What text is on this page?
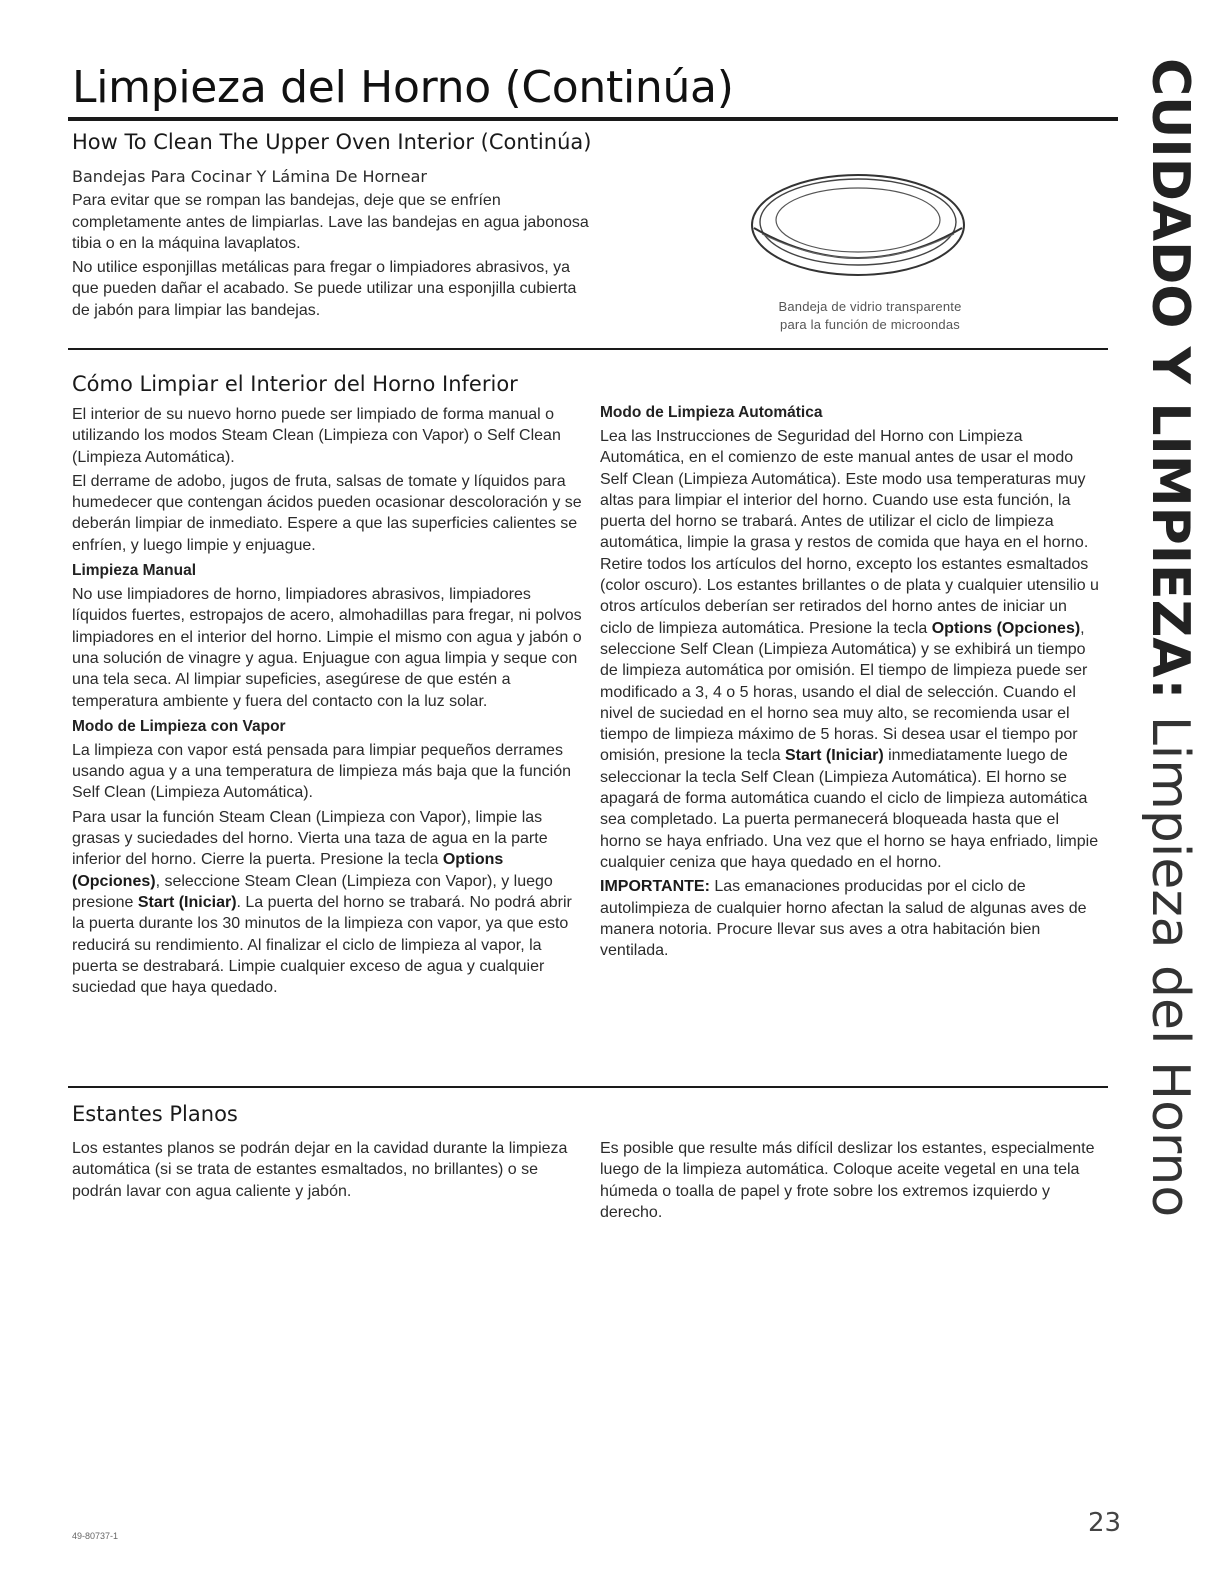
Limpieza del Horno (Continúa)	CUIDADO Y LIMPIEZA: Limpieza del Horno
How To Clean The Upper Oven Interior (Continúa)

Bandejas Para Cocinar Y Lámina De Hornear

Para evitar que se rompan las bandejas, deje que se enfríen completamente antes de limpiarlas. Lave las bandejas en agua jabonosa tibia o en la máquina lavaplatos.

No utilice esponjillas metálicas para fregar o limpiadores abrasivos, ya que pueden dañar el acabado. Se puede utilizar una esponjilla cubierta de jabón para limpiar las bandejas.	Bandeja de vidrio transparente
para la función de microondas
Cómo Limpiar el Interior del Horno Inferior

El interior de su nuevo horno puede ser limpiado de forma manual o utilizando los modos Steam Clean (Limpieza con Vapor) o Self Clean (Limpieza Automática).

El derrame de adobo, jugos de fruta, salsas de tomate y líquidos para humedecer que contengan ácidos pueden ocasionar descoloración y se deberán limpiar de inmediato. Espere a que las superficies calientes se enfríen, y luego limpie y enjuague.

Limpieza Manual

No use limpiadores de horno, limpiadores abrasivos, limpiadores líquidos fuertes, estropajos de acero, almohadillas para fregar, ni polvos limpiadores en el interior del horno. Limpie el mismo con agua y jabón o una solución de vinagre y agua. Enjuague con agua limpia y seque con una tela seca. Al limpiar supeficies, asegúrese de que estén a temperatura ambiente y fuera del contacto con la luz solar.

Modo de Limpieza con Vapor

La limpieza con vapor está pensada para limpiar pequeños derrames usando agua y a una temperatura de limpieza más baja que la función Self Clean (Limpieza Automática).

Para usar la función Steam Clean (Limpieza con Vapor), limpie las grasas y suciedades del horno. Vierta una taza de agua en la parte inferior del horno. Cierre la puerta. Presione la tecla Options (Opciones), seleccione Steam Clean (Limpieza con Vapor), y luego presione Start (Iniciar). La puerta del horno se trabará. No podrá abrir la puerta durante los 30 minutos de la limpieza con vapor, ya que esto reducirá su rendimiento. Al finalizar el ciclo de limpieza al vapor, la puerta se destrabará. Limpie cualquier exceso de agua y cualquier suciedad que haya quedado.

Modo de Limpieza Automática

Lea las Instrucciones de Seguridad del Horno con Limpieza Automática, en el comienzo de este manual antes de usar el modo Self Clean (Limpieza Automática). Este modo usa temperaturas muy altas para limpiar el interior del horno. Cuando use esta función, la puerta del horno se trabará. Antes de utilizar el ciclo de limpieza automática, limpie la grasa y restos de comida que haya en el horno. Retire todos los artículos del horno, excepto los estantes esmaltados (color oscuro). Los estantes brillantes o de plata y cualquier utensilio u otros artículos deberían ser retirados del horno antes de iniciar un ciclo de limpieza automática. Presione la tecla Options (Opciones), seleccione Self Clean (Limpieza Automática) y se exhibirá un tiempo de limpieza automática por omisión. El tiempo de limpieza puede ser modificado a 3, 4 o 5 horas, usando el dial de selección. Cuando el nivel de suciedad en el horno sea muy alto, se recomienda usar el tiempo de limpieza máximo de 5 horas. Si desea usar el tiempo por omisión, presione la tecla Start (Iniciar) inmediatamente luego de seleccionar la tecla Self Clean (Limpieza Automática). El horno se apagará de forma automática cuando el ciclo de limpieza automática sea completado. La puerta permanecerá bloqueada hasta que el horno se haya enfriado. Una vez que el horno se haya enfriado, limpie cualquier ceniza que haya quedado en el horno.

IMPORTANTE: Las emanaciones producidas por el ciclo de autolimpieza de cualquier horno afectan la salud de algunas aves de manera notoria. Procure llevar sus aves a otra habitación bien ventilada.

Estantes Planos

Los estantes planos se podrán dejar en la cavidad durante la limpieza automática (si se trata de estantes esmaltados, no brillantes) o se podrán lavar con agua caliente y jabón.

Es posible que resulte más difícil deslizar los estantes, especialmente luego de la limpieza automática. Coloque aceite vegetal en una tela húmeda o toalla de papel y frote sobre los extremos izquierdo y derecho.

49-80737-1	23
